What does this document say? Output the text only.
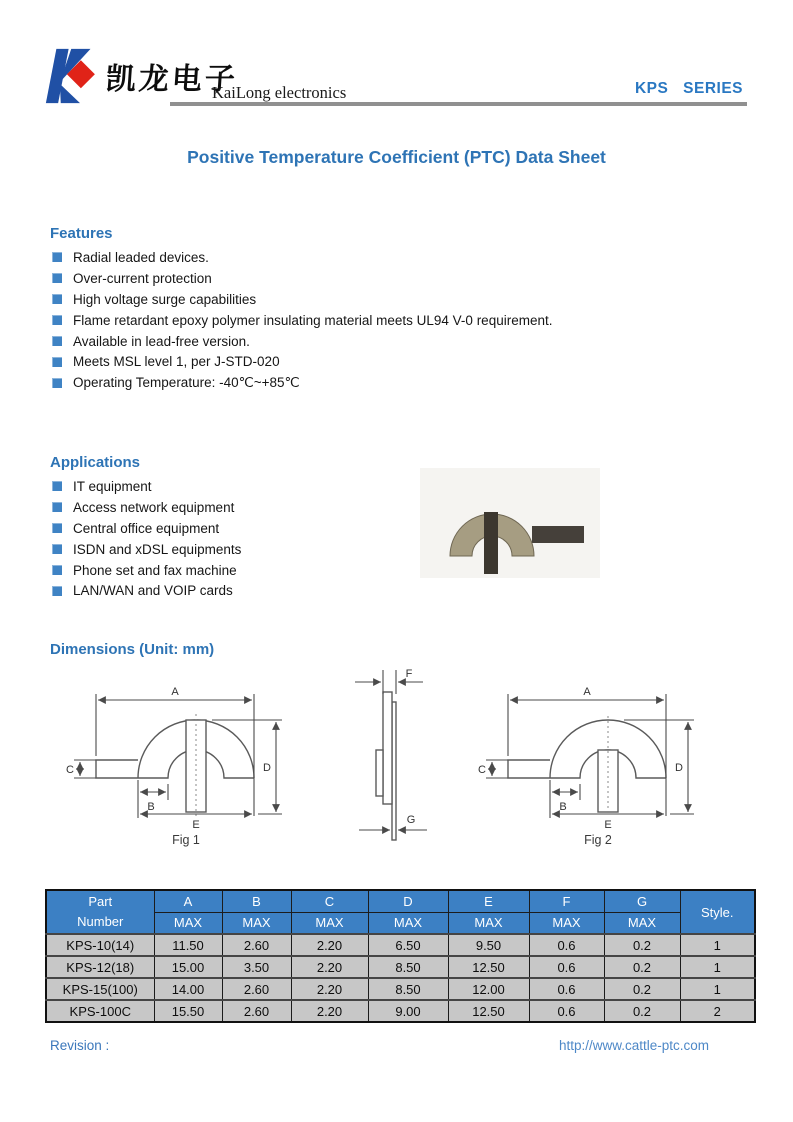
凯龙电子
KaiLong electronics	KPS SERIES
Positive Temperature Coefficient (PTC) Data Sheet
Features
Radial leaded devices.
Over-current protection
High voltage surge capabilities
Flame retardant epoxy polymer insulating material meets UL94 V-0 requirement.
Available in lead-free version.
Meets MSL level 1, per J-STD-020
Operating Temperature: -40℃~+85℃
Applications
IT equipment
Access network equipment
Central office equipment
ISDN and xDSL equipments
Phone set and fax machine
LAN/WAN and VOIP cards
Dimensions (Unit: mm)
A
D
C
B
E
Fig 1
F
G
A
D
C
B
E
Fig 2
Part
Number	A	B	C	D	E	F	G	Style.
	MAX	MAX	MAX	MAX	MAX	MAX	MAX	
KPS-10(14)	11.50	2.60	2.20	6.50	9.50	0.6	0.2	1
KPS-12(18)	15.00	3.50	2.20	8.50	12.50	0.6	0.2	1
KPS-15(100)	14.00	2.60	2.20	8.50	12.00	0.6	0.2	1
KPS-100C	15.50	2.60	2.20	9.00	12.50	0.6	0.2	2
Revision :	http://www.cattle-ptc.com
